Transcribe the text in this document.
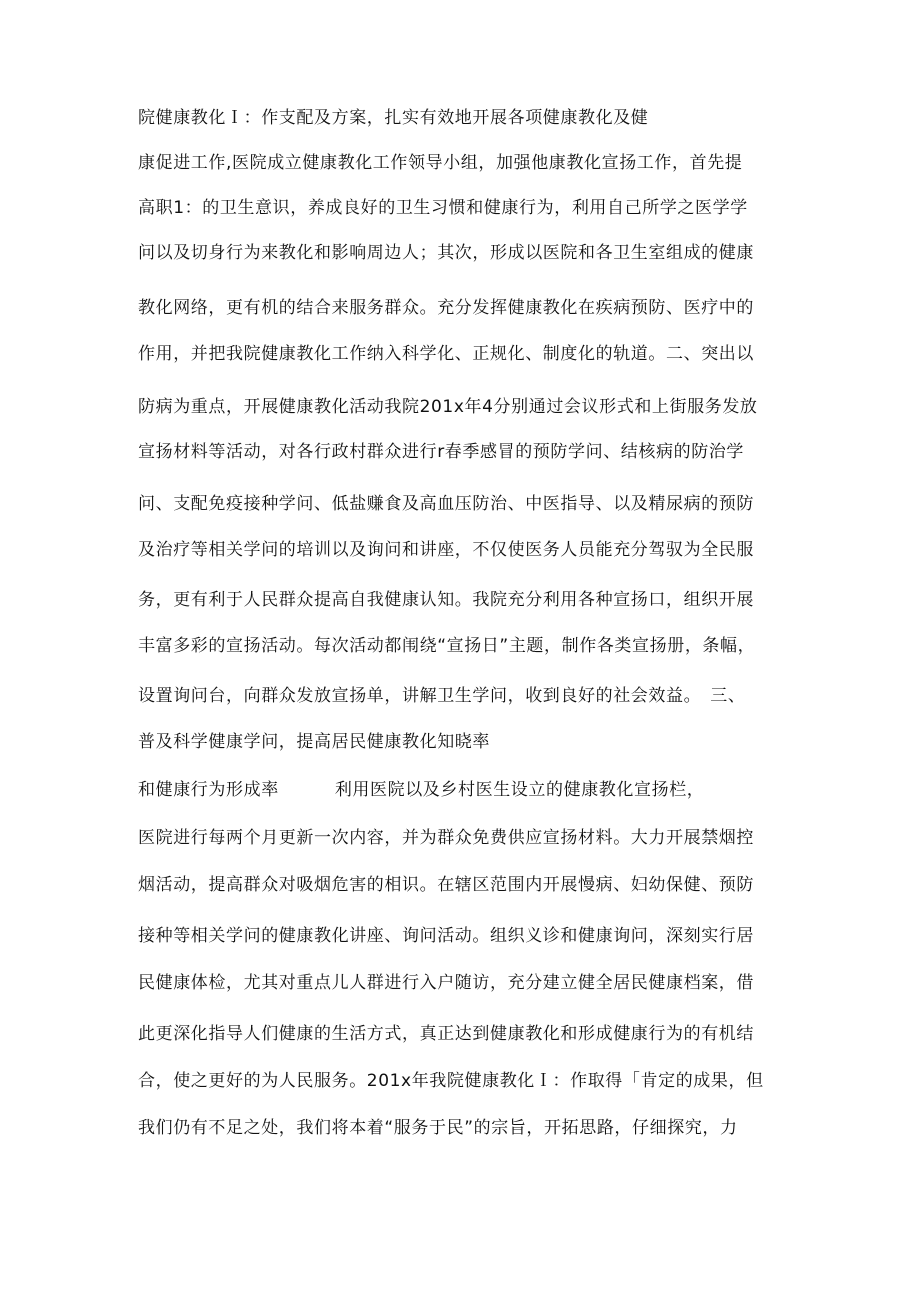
院健康教化Ｉ：作支配及方案，扎实有效地开展各项健康教化及健
康促进工作,医院成立健康教化工作领导小组，加强他康教化宣扬工作，首先提
高职1：的卫生意识，养成良好的卫生习惯和健康行为，利用自己所学之医学学
问以及切身行为来教化和影响周边人；其次，形成以医院和各卫生室组成的健康
教化网络，更有机的结合来服务群众。充分发挥健康教化在疾病预防、医疗中的
作用，并把我院健康教化工作纳入科学化、正规化、制度化的轨道。二、突出以
防病为重点，开展健康教化活动我院201x年4分别通过会议形式和上街服务发放
宣扬材料等活动，对各行政村群众进行r春季感冒的预防学问、结核病的防治学
问、支配免疫接种学问、低盐赚食及高血压防治、中医指导、以及精尿病的预防
及治疗等相关学问的培训以及询问和讲座，不仅使医务人员能充分驾驭为全民服
务，更有利于人民群众提高自我健康认知。我院充分利用各种宣扬口，组织开展
丰富多彩的宣扬活动。每次活动都闱绕“宣扬日”主题，制作各类宣扬册，条幅，
设置询问台，向群众发放宣扬单，讲解卫生学问，收到良好的社会效益。　三、
普及科学健康学问，提高居民健康教化知晓率
和健康行为形成率	利用医院以及乡村医生设立的健康教化宣扬栏，
医院进行每两个月更新一次内容，并为群众免费供应宣扬材料。大力开展禁烟控
烟活动，提高群众对吸烟危害的相识。在辖区范围内开展慢病、妇幼保健、预防
接种等相关学问的健康教化讲座、询问活动。组织义诊和健康询问，深刻实行居
民健康体检，尤其对重点儿人群进行入户随访，充分建立健全居民健康档案，借
此更深化指导人们健康的生活方式，真正达到健康教化和形成健康行为的有机结
合，使之更好的为人民服务。201x年我院健康教化Ｉ：作取得「肯定的成果，但
我们仍有不足之处，我们将本着“服务于民”的宗旨，开拓思路，仔细探究，力
